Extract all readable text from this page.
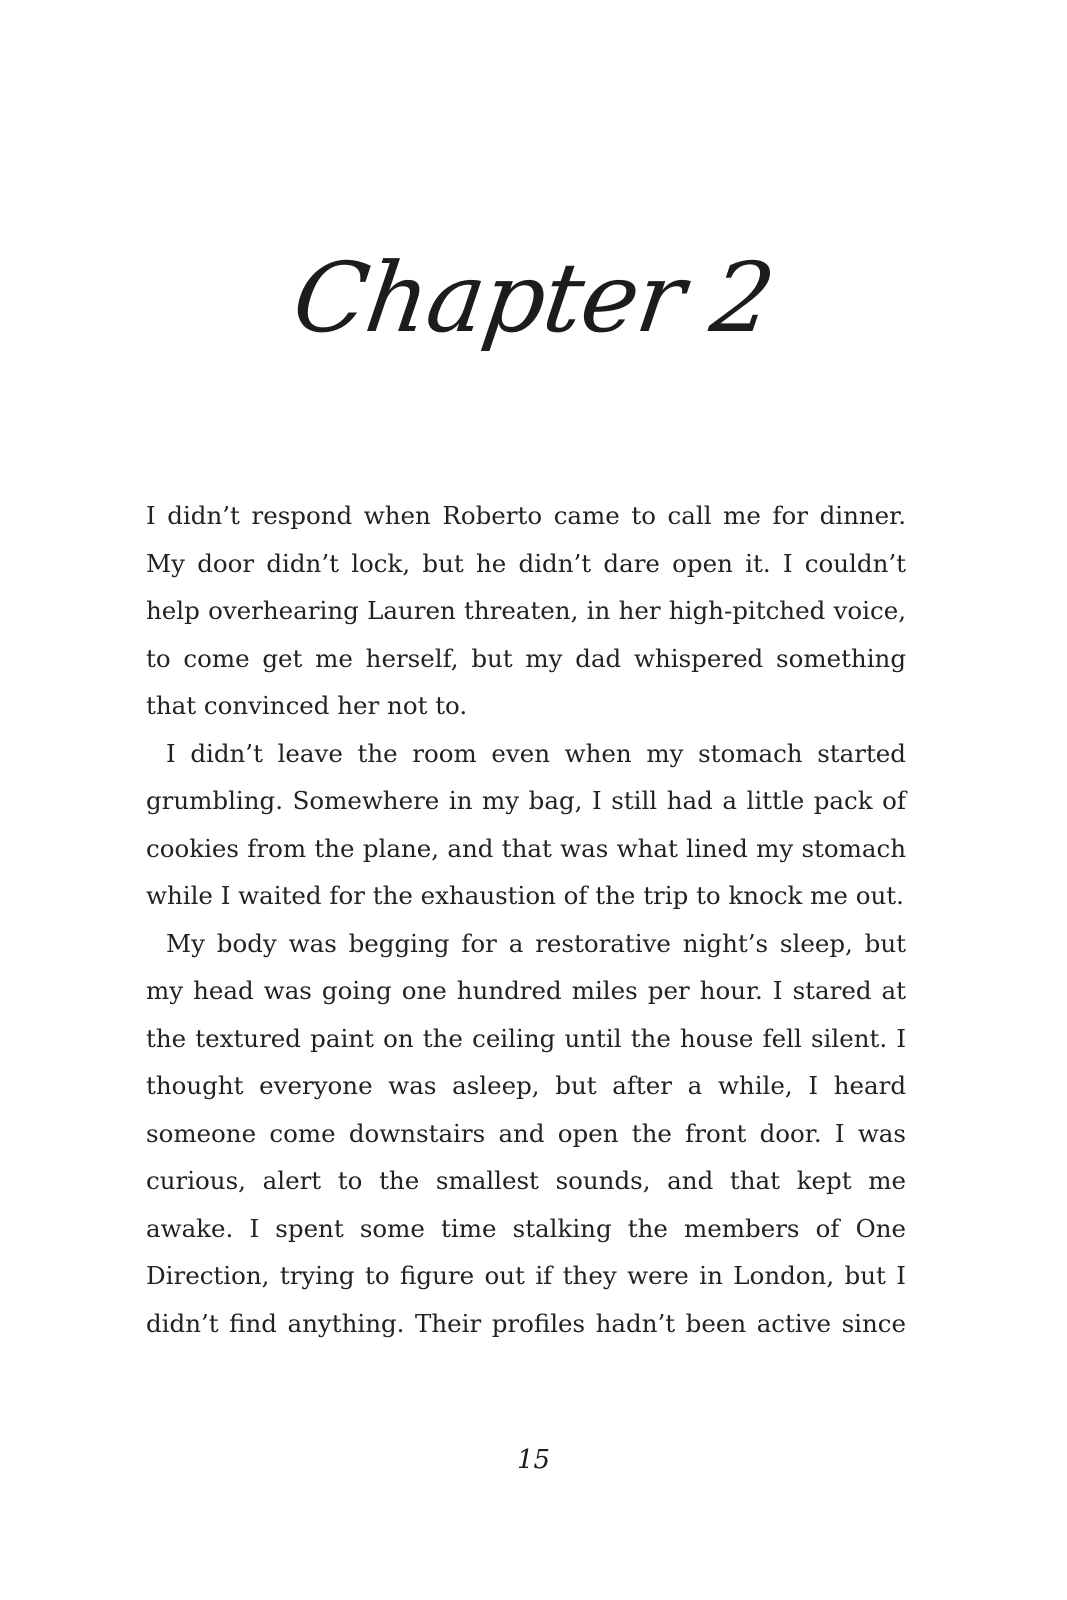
Chapter 2

I didn’t respond when Roberto came to call me for dinner. My door didn’t lock, but he didn’t dare open it. I couldn’t help overhearing Lauren threaten, in her high-pitched voice, to come get me herself, but my dad whispered something that convinced her not to.

I didn’t leave the room even when my stomach started grumbling. Somewhere in my bag, I still had a little pack of cookies from the plane, and that was what lined my stomach while I waited for the exhaustion of the trip to knock me out.

My body was begging for a restorative night’s sleep, but my head was going one hundred miles per hour. I stared at the textured paint on the ceiling until the house fell silent. I thought everyone was asleep, but after a while, I heard someone come downstairs and open the front door. I was curious, alert to the smallest sounds, and that kept me awake. I spent some time stalking the members of One Direction, trying to figure out if they were in London, but I didn’t find anything. Their profiles hadn’t been active since

15
